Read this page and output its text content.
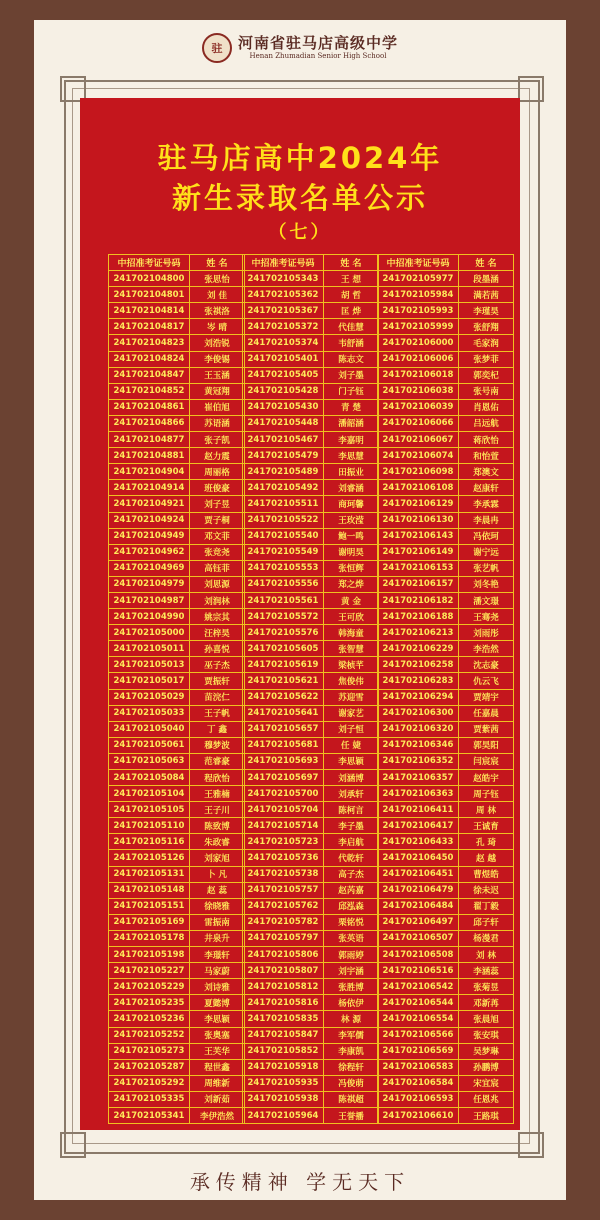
驻	河南省驻马店高级中学
Henan Zhumadian Senior High School
驻马店高中2024年
新生录取名单公示
（七）
中招准考证号码	姓 名
241702104800	张思怡
241702104801	刘 佳
241702104814	张祺洛
241702104817	岑 晴
241702104823	刘浩锐
241702104824	李俊锡
241702104847	王玉涵
241702104852	黄冠翔
241702104861	崔伯旭
241702104866	苏语涵
241702104877	张子凯
241702104881	赵力震
241702104904	周丽格
241702104914	班俊豪
241702104921	刘子昱
241702104924	贾子桐
241702104949	邓文菲
241702104962	张竞尧
241702104969	高钰菲
241702104979	刘思源
241702104987	刘润林
241702104990	姚宗其
241702105000	汪梓昊
241702105011	孙喜悦
241702105013	巫子杰
241702105017	贾振轩
241702105029	苗浣仁
241702105033	王子帆
241702105040	丁 鑫
241702105061	穆梦波
241702105063	范睿豪
241702105084	程欣怡
241702105104	王雅楠
241702105105	王子川
241702105110	陈致博
241702105116	朱政睿
241702105126	刘家旭
241702105131	卜 凡
241702105148	赵 蕊
241702105151	徐晓雅
241702105169	雷振南
241702105178	井泉升
241702105198	李璟轩
241702105227	马家蔚
241702105229	刘诗雅
241702105235	夏懿博
241702105236	李思颖
241702105252	张奥塞
241702105273	王芙华
241702105287	程世鑫
241702105292	周维新
241702105335	刘新茹
241702105341	李伊浩然
中招准考证号码	姓 名
241702105343	王 想
241702105362	胡 哲
241702105367	匡 烨
241702105372	代佳慧
241702105374	韦舒涵
241702105401	陈志文
241702105405	刘子墨
241702105428	门子钰
241702105430	青 楚
241702105448	潘韶涵
241702105467	李嘉明
241702105479	李思慧
241702105489	田振业
241702105492	刘睿涵
241702105511	商珂馨
241702105522	王玫滢
241702105540	鲍一鸣
241702105549	谢明昊
241702105553	张恒辉
241702105556	郑之烨
241702105561	黄 金
241702105572	王可欣
241702105576	韩海童
241702105605	张智慧
241702105619	梁桢芊
241702105621	焦俊伟
241702105622	苏迎雪
241702105641	谢家艺
241702105657	刘子恒
241702105681	任 婕
241702105693	李思颖
241702105697	刘涵博
241702105700	刘承轩
241702105704	陈柯言
241702105714	李子墨
241702105723	李启航
241702105736	代乾轩
241702105738	高子杰
241702105757	赵芮嘉
241702105762	邱泓森
241702105782	栗铭悦
241702105797	张英语
241702105806	郭雨婷
241702105807	刘宇涵
241702105812	张胜博
241702105816	杨依伊
241702105835	林 源
241702105847	李军儒
241702105852	李康凯
241702105918	徐程轩
241702105935	冯俊萌
241702105938	陈祺超
241702105964	王誉播
中招准考证号码	姓 名
241702105977	段墨涵
241702105984	满若茜
241702105993	李瑾昊
241702105999	张舒翔
241702106000	毛家润
241702106006	张梦菲
241702106018	郭奕杞
241702106038	张号南
241702106039	肖恩佑
241702106066	吕远航
241702106067	蒋欣怡
241702106074	和怡萱
241702106098	郑澳文
241702106108	赵康轩
241702106129	李承霖
241702106130	李晨冉
241702106143	冯依珂
241702106149	谢宁远
241702106153	张艺帆
241702106157	刘冬艳
241702106182	潘文璟
241702106188	王骞尧
241702106213	刘雨彤
241702106229	李浩然
241702106258	沈志豪
241702106283	仇云飞
241702106294	贾靖宇
241702106300	任嘉晨
241702106320	贾紫茜
241702106346	郭昊阳
241702106352	闫宸宸
241702106357	赵皓宇
241702106363	周子钰
241702106411	周 林
241702106417	王诚育
241702106433	孔 琦
241702106450	赵 越
241702106451	曹煜皓
241702106479	徐未迟
241702106484	翟丁毅
241702106497	邱子轩
241702106507	杨漫君
241702106508	刘 林
241702106516	李涵蕊
241702106542	张菊昱
241702106544	邓新苒
241702106554	张晨旭
241702106566	张安琪
241702106569	吴梦琳
241702106583	孙鹏博
241702106584	宋宜宸
241702106593	任恩兆
241702106610	王路琪
承传精神 学无天下
